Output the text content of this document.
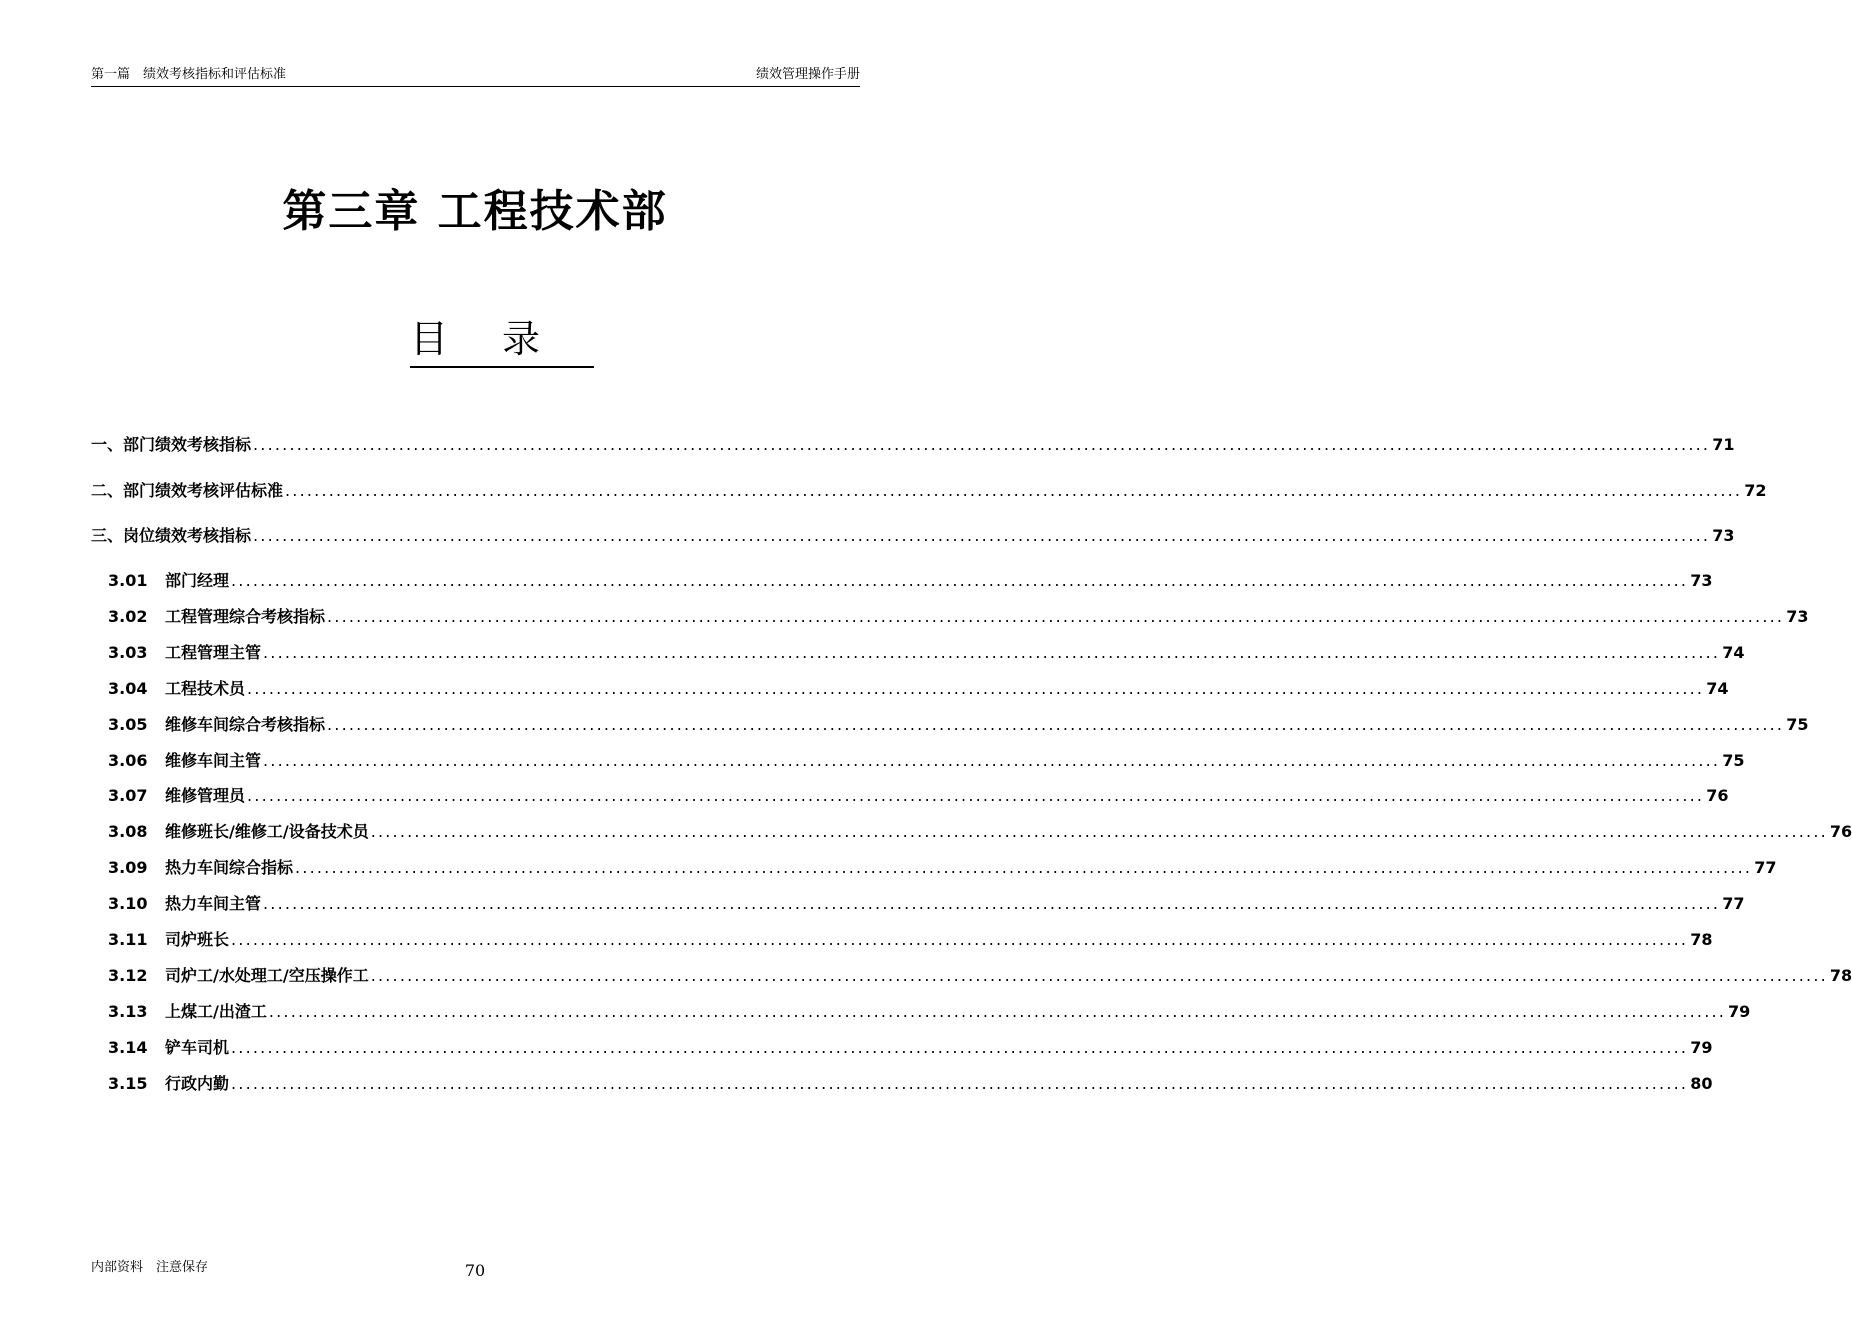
第一篇　绩效考核指标和评估标准	绩效管理操作手册
第三章 工程技术部
目录
一、部门绩效考核指标 ........................................................................................................................................................................................................ 71
二、部门绩效考核评估标准 ........................................................................................................................................................................................................ 72
三、岗位绩效考核指标 ........................................................................................................................................................................................................ 73
3.01	部门经理 ........................................................................................................................................................................................................ 73
3.02	工程管理综合考核指标 ........................................................................................................................................................................................................ 73
3.03	工程管理主管 ........................................................................................................................................................................................................ 74
3.04	工程技术员 ........................................................................................................................................................................................................ 74
3.05	维修车间综合考核指标 ........................................................................................................................................................................................................ 75
3.06	维修车间主管 ........................................................................................................................................................................................................ 75
3.07	维修管理员 ........................................................................................................................................................................................................ 76
3.08	维修班长/维修工/设备技术员 ........................................................................................................................................................................................................ 76
3.09	热力车间综合指标 ........................................................................................................................................................................................................ 77
3.10	热力车间主管 ........................................................................................................................................................................................................ 77
3.11	司炉班长 ........................................................................................................................................................................................................ 78
3.12	司炉工/水处理工/空压操作工 ........................................................................................................................................................................................................ 78
3.13	上煤工/出渣工 ........................................................................................................................................................................................................ 79
3.14	铲车司机 ........................................................................................................................................................................................................ 79
3.15	行政内勤 ........................................................................................................................................................................................................ 80
内部资料　注意保存	70
